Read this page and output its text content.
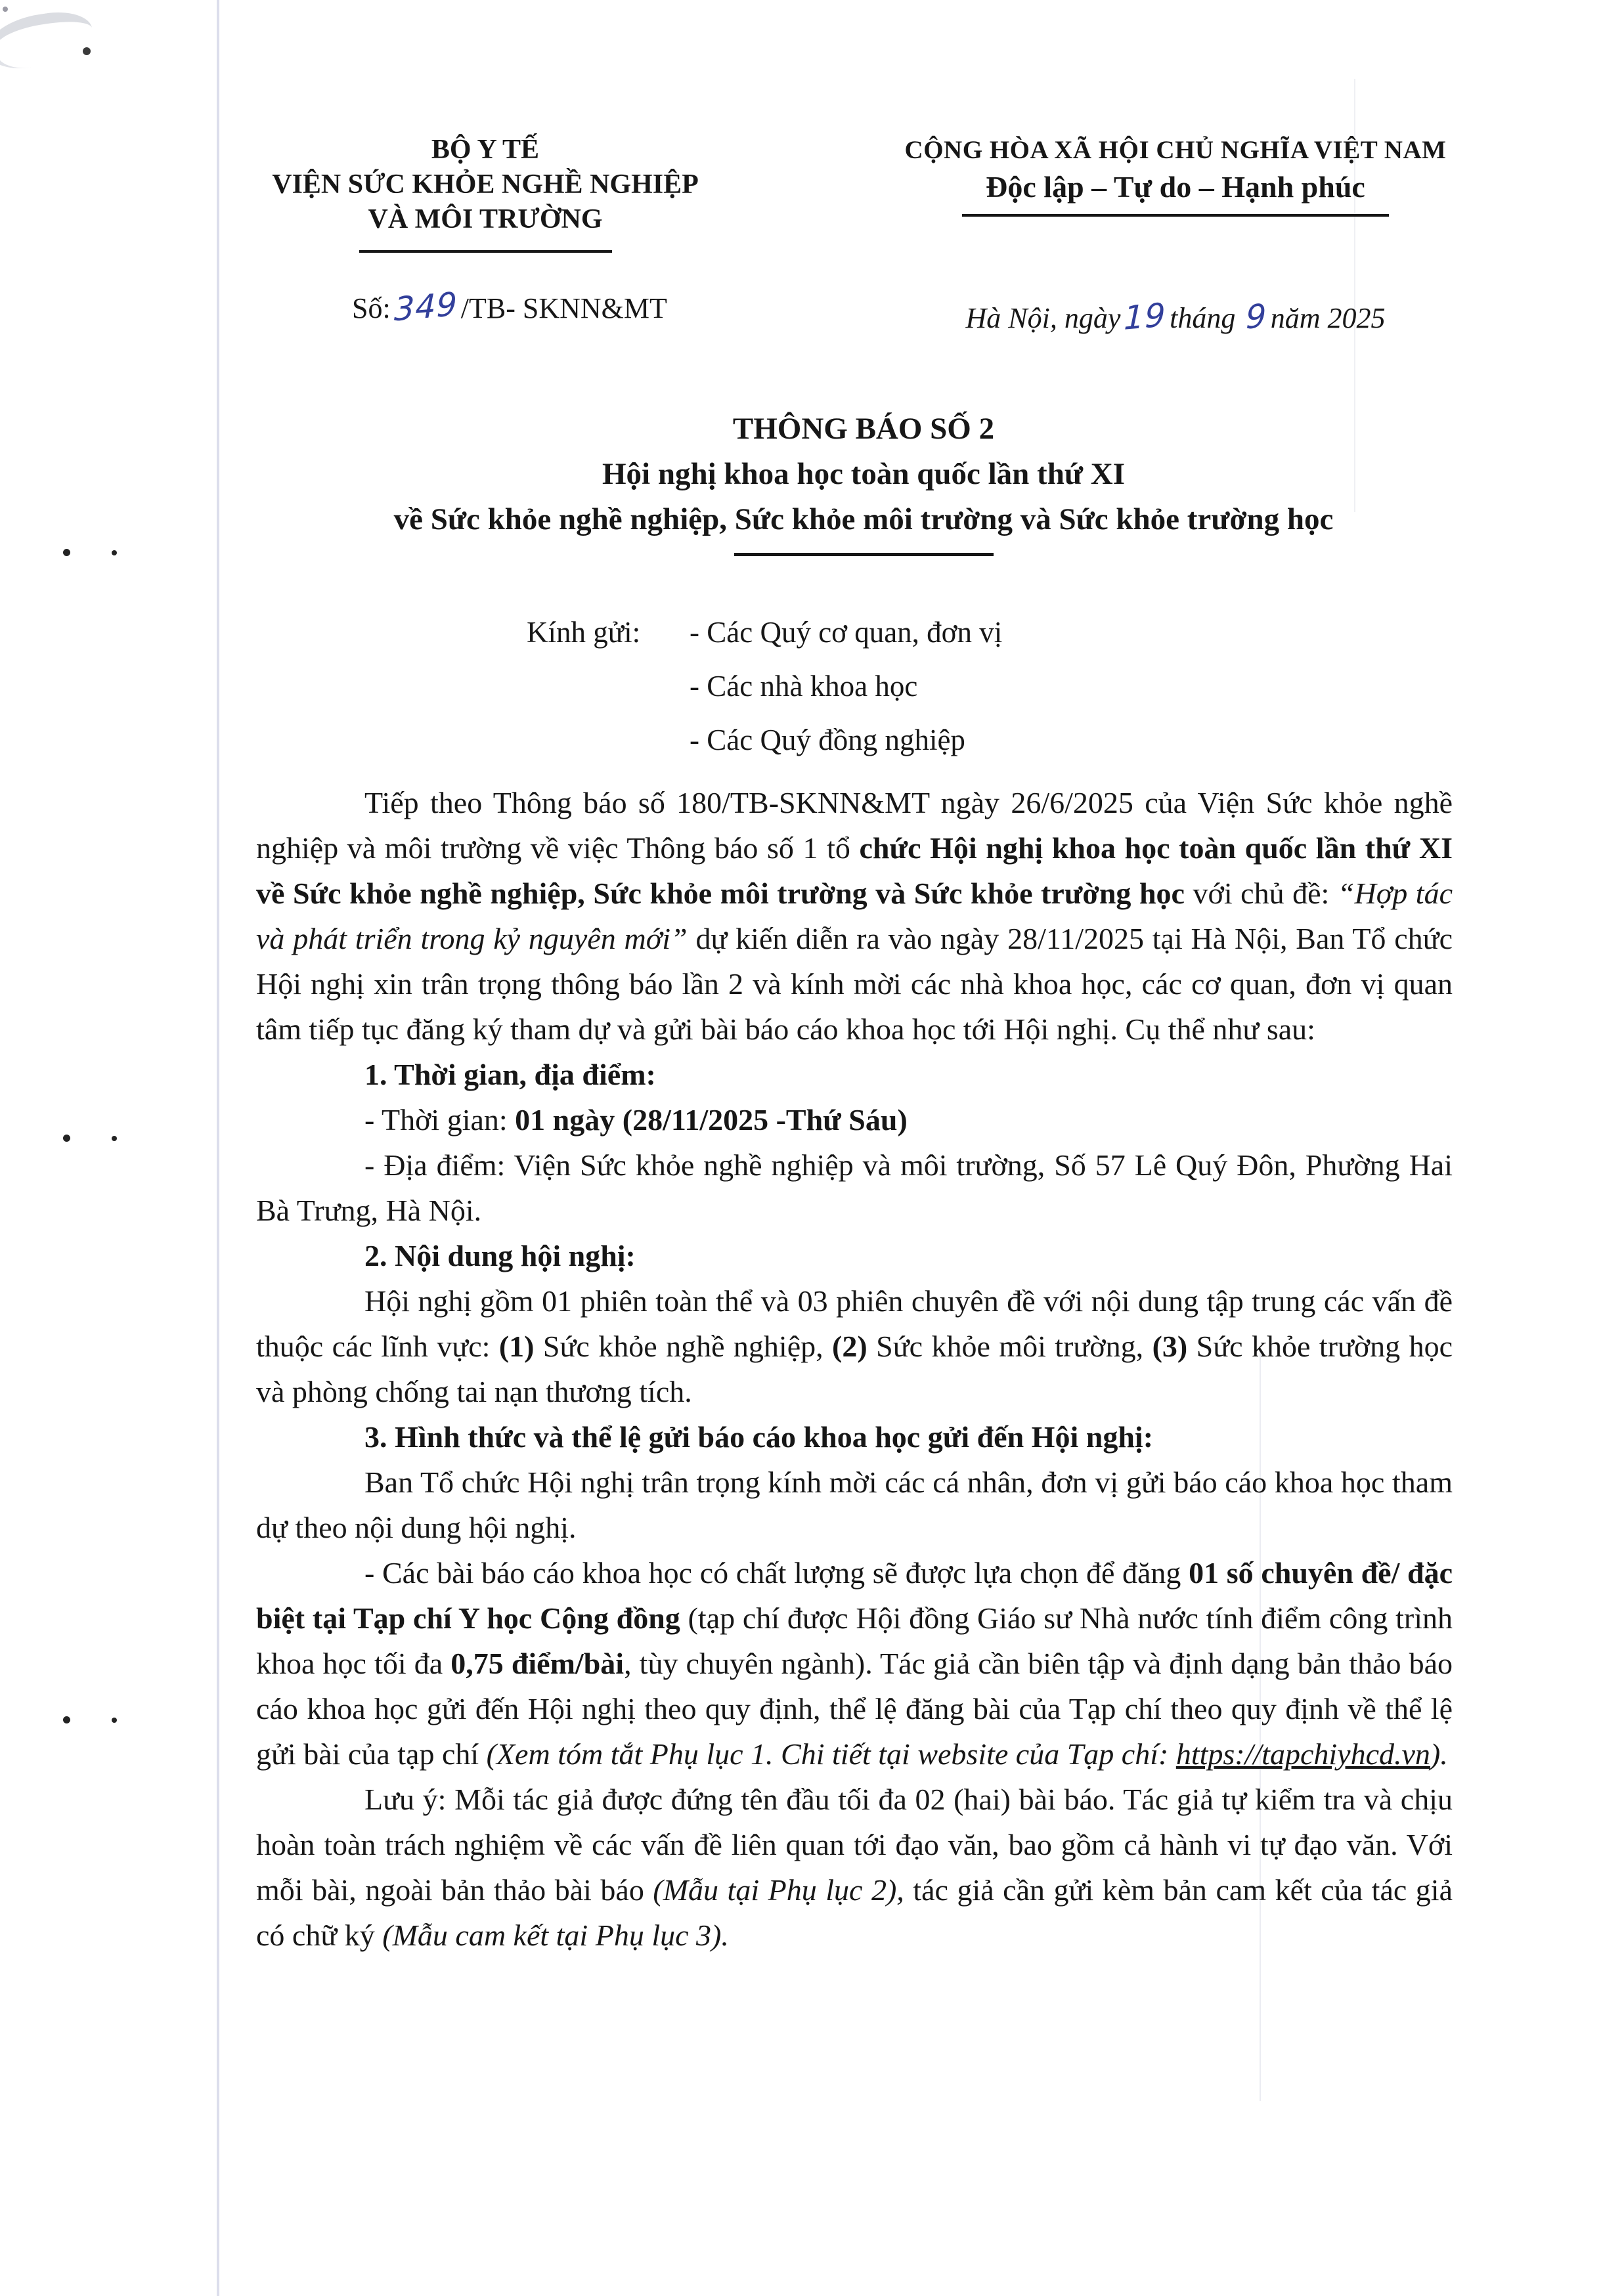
BỘ Y TẾ
VIỆN SỨC KHỎE NGHỀ NGHIỆP
VÀ MÔI TRƯỜNG
Số:349 /TB- SKNN&MT
CỘNG HÒA XÃ HỘI CHỦ NGHĨA VIỆT NAM
Độc lập – Tự do – Hạnh phúc
Hà Nội, ngày19 tháng 9 năm 2025
THÔNG BÁO SỐ 2
Hội nghị khoa học toàn quốc lần thứ XI
về Sức khỏe nghề nghiệp, Sức khỏe môi trường và Sức khỏe trường học
Kính gửi:	- Các Quý cơ quan, đơn vị
- Các nhà khoa học
- Các Quý đồng nghiệp

Tiếp theo Thông báo số 180/TB-SKNN&MT ngày 26/6/2025 của Viện Sức khỏe nghề nghiệp và môi trường về việc Thông báo số 1 tổ chức Hội nghị khoa học toàn quốc lần thứ XI về Sức khỏe nghề nghiệp, Sức khỏe môi trường và Sức khỏe trường học với chủ đề: “Hợp tác và phát triển trong kỷ nguyên mới” dự kiến diễn ra vào ngày 28/11/2025 tại Hà Nội, Ban Tổ chức Hội nghị xin trân trọng thông báo lần 2 và kính mời các nhà khoa học, các cơ quan, đơn vị quan tâm tiếp tục đăng ký tham dự và gửi bài báo cáo khoa học tới Hội nghị. Cụ thể như sau:

1. Thời gian, địa điểm:

- Thời gian: 01 ngày (28/11/2025 -Thứ Sáu)

- Địa điểm: Viện Sức khỏe nghề nghiệp và môi trường, Số 57 Lê Quý Đôn, Phường Hai Bà Trưng, Hà Nội.

2. Nội dung hội nghị:

Hội nghị gồm 01 phiên toàn thể và 03 phiên chuyên đề với nội dung tập trung các vấn đề thuộc các lĩnh vực: (1) Sức khỏe nghề nghiệp, (2) Sức khỏe môi trường, (3) Sức khỏe trường học và phòng chống tai nạn thương tích.

3. Hình thức và thể lệ gửi báo cáo khoa học gửi đến Hội nghị:

Ban Tổ chức Hội nghị trân trọng kính mời các cá nhân, đơn vị gửi báo cáo khoa học tham dự theo nội dung hội nghị.

- Các bài báo cáo khoa học có chất lượng sẽ được lựa chọn để đăng 01 số chuyên đề/ đặc biệt tại Tạp chí Y học Cộng đồng (tạp chí được Hội đồng Giáo sư Nhà nước tính điểm công trình khoa học tối đa 0,75 điểm/bài, tùy chuyên ngành). Tác giả cần biên tập và định dạng bản thảo báo cáo khoa học gửi đến Hội nghị theo quy định, thể lệ đăng bài của Tạp chí theo quy định về thể lệ gửi bài của tạp chí (Xem tóm tắt Phụ lục 1. Chi tiết tại website của Tạp chí: https://tapchiyhcd.vn).

Lưu ý: Mỗi tác giả được đứng tên đầu tối đa 02 (hai) bài báo. Tác giả tự kiểm tra và chịu hoàn toàn trách nghiệm về các vấn đề liên quan tới đạo văn, bao gồm cả hành vi tự đạo văn. Với mỗi bài, ngoài bản thảo bài báo (Mẫu tại Phụ lục 2), tác giả cần gửi kèm bản cam kết của tác giả có chữ ký (Mẫu cam kết tại Phụ lục 3).
